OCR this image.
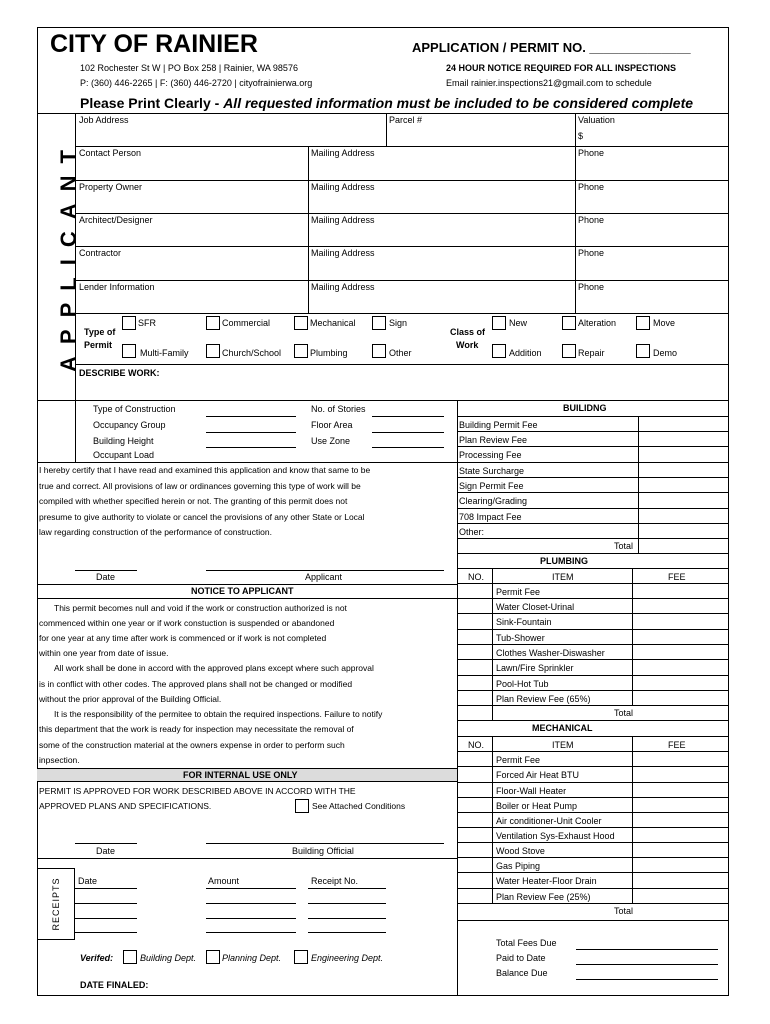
CITY OF RAINIER
102 Rochester St W | PO Box 258 | Rainier, WA 98576
P: (360) 446-2265 | F: (360) 446-2720 | cityofrainierwa.org
APPLICATION / PERMIT NO. ______________
24 HOUR NOTICE REQUIRED FOR ALL INSPECTIONS
Email rainier.inspections21@gmail.com to schedule
Please Print Clearly - All requested information must be included to be considered complete
APPLICANT
Job Address	Parcel #	Valuation
$
Contact Person	Mailing Address	Phone
Property Owner	Mailing Address	Phone
Architect/Designer	Mailing Address	Phone
Contractor	Mailing Address	Phone
Lender Information	Mailing Address	Phone
Type of
Permit
SFR
Multi-Family
Commercial
Church/School
Mechanical
Plumbing
Sign
Other
Class of
Work
New
Addition
Alteration
Repair
Move
Demo
DESCRIBE WORK:
Type of Construction
Occupancy Group
Building Height
Occupant Load
No. of Stories
Floor Area
Use Zone
I hereby certify that I have read and examined this application and know that same to be
true and correct. All provisions of law or ordinances governing this type of work will be
compiled with whether specified herein or not. The granting of this permit does not
presume to give authority to violate or cancel the provisions of any other State or Local
law regarding construction of the performance of construction.
Date	Applicant
NOTICE TO APPLICANT
This permit becomes null and void if the work or construction authorized is not
commenced within one year or if work constuction is suspended or abandoned
for one year at any time after work is commenced or if work is not completed
within one year from date of issue.
All work shall be done in accord with the approved plans except where such approval
is in conflict with other codes. The approved plans shall not be changed or modified
without the prior approval of the Building Official.
It is the responsibility of the permitee to obtain the required inspections. Failure to notify
this department that the work is ready for inspection may necessitate the removal of
some of the construction material at the owners expense in order to perform such
inpsection.
FOR INTERNAL USE ONLY
PERMIT IS APPROVED FOR WORK DESCRIBED ABOVE IN ACCORD WITH THE
APPROVED PLANS AND SPECIFICATIONS.	See Attached Conditions
Date	Building Official
RECEIPTS Date	Amount	Receipt No.
Verifed:	Building Dept.	Planning Dept.	Engineering Dept.
DATE FINALED:
BUILIDNG
Building Permit Fee
Plan Review Fee
Processing Fee
State Surcharge
Sign Permit Fee
Clearing/Grading
708 Impact Fee
Other:
Total
PLUMBING
NO.	ITEM	FEE
Permit Fee
Water Closet-Urinal
Sink-Fountain
Tub-Shower
Clothes Washer-Diswasher
Lawn/Fire Sprinkler
Pool-Hot Tub
Plan Review Fee (65%)
Total
MECHANICAL
NO.	ITEM	FEE
Permit Fee
Forced Air Heat BTU
Floor-Wall Heater
Boiler or Heat Pump
Air conditioner-Unit Cooler
Ventilation Sys-Exhaust Hood
Wood Stove
Gas Piping
Water Heater-Floor Drain
Plan Review Fee (25%)
Total
Total Fees Due
Paid to Date
Balance Due
